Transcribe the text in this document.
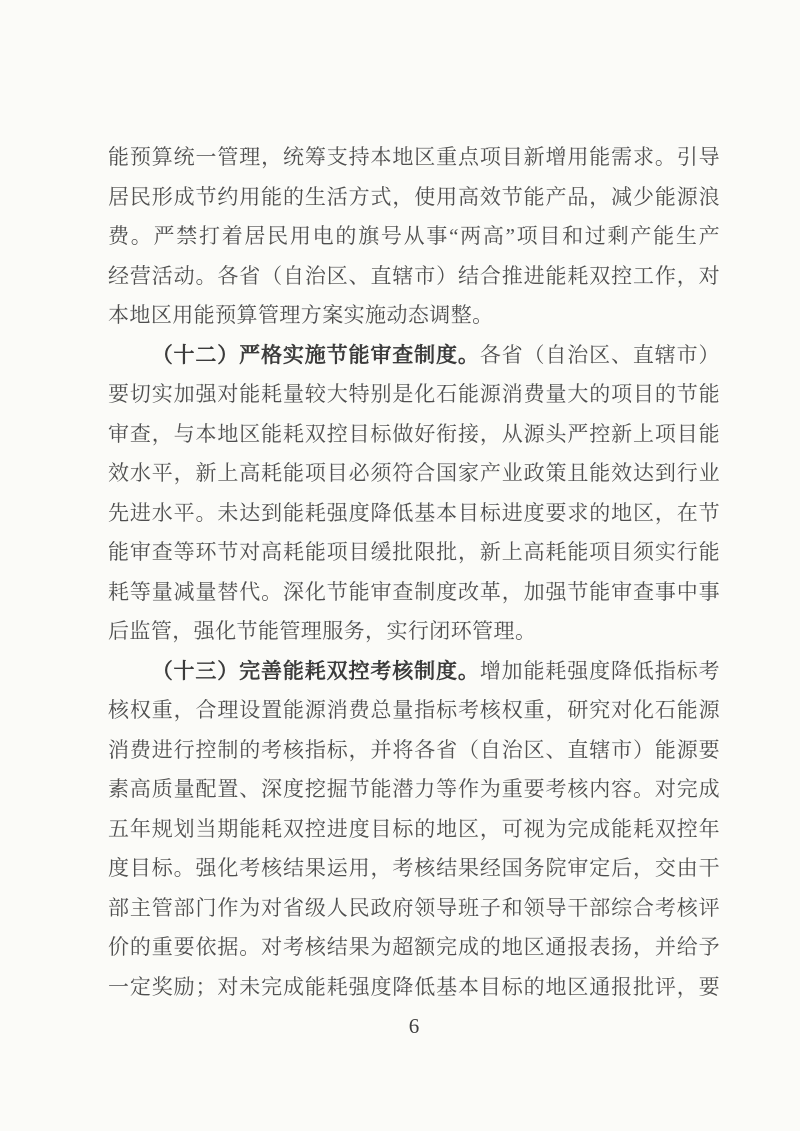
能预算统一管理，统筹支持本地区重点项目新增用能需求。引导
居民形成节约用能的生活方式，使用高效节能产品，减少能源浪
费。严禁打着居民用电的旗号从事“两高”项目和过剩产能生产
经营活动。各省（自治区、直辖市）结合推进能耗双控工作，对
本地区用能预算管理方案实施动态调整。
（十二）严格实施节能审查制度。各省（自治区、直辖市）
要切实加强对能耗量较大特别是化石能源消费量大的项目的节能
审查，与本地区能耗双控目标做好衔接，从源头严控新上项目能
效水平，新上高耗能项目必须符合国家产业政策且能效达到行业
先进水平。未达到能耗强度降低基本目标进度要求的地区，在节
能审查等环节对高耗能项目缓批限批，新上高耗能项目须实行能
耗等量减量替代。深化节能审查制度改革，加强节能审查事中事
后监管，强化节能管理服务，实行闭环管理。
（十三）完善能耗双控考核制度。增加能耗强度降低指标考
核权重，合理设置能源消费总量指标考核权重，研究对化石能源
消费进行控制的考核指标，并将各省（自治区、直辖市）能源要
素高质量配置、深度挖掘节能潜力等作为重要考核内容。对完成
五年规划当期能耗双控进度目标的地区，可视为完成能耗双控年
度目标。强化考核结果运用，考核结果经国务院审定后，交由干
部主管部门作为对省级人民政府领导班子和领导干部综合考核评
价的重要依据。对考核结果为超额完成的地区通报表扬，并给予
一定奖励；对未完成能耗强度降低基本目标的地区通报批评，要
6
